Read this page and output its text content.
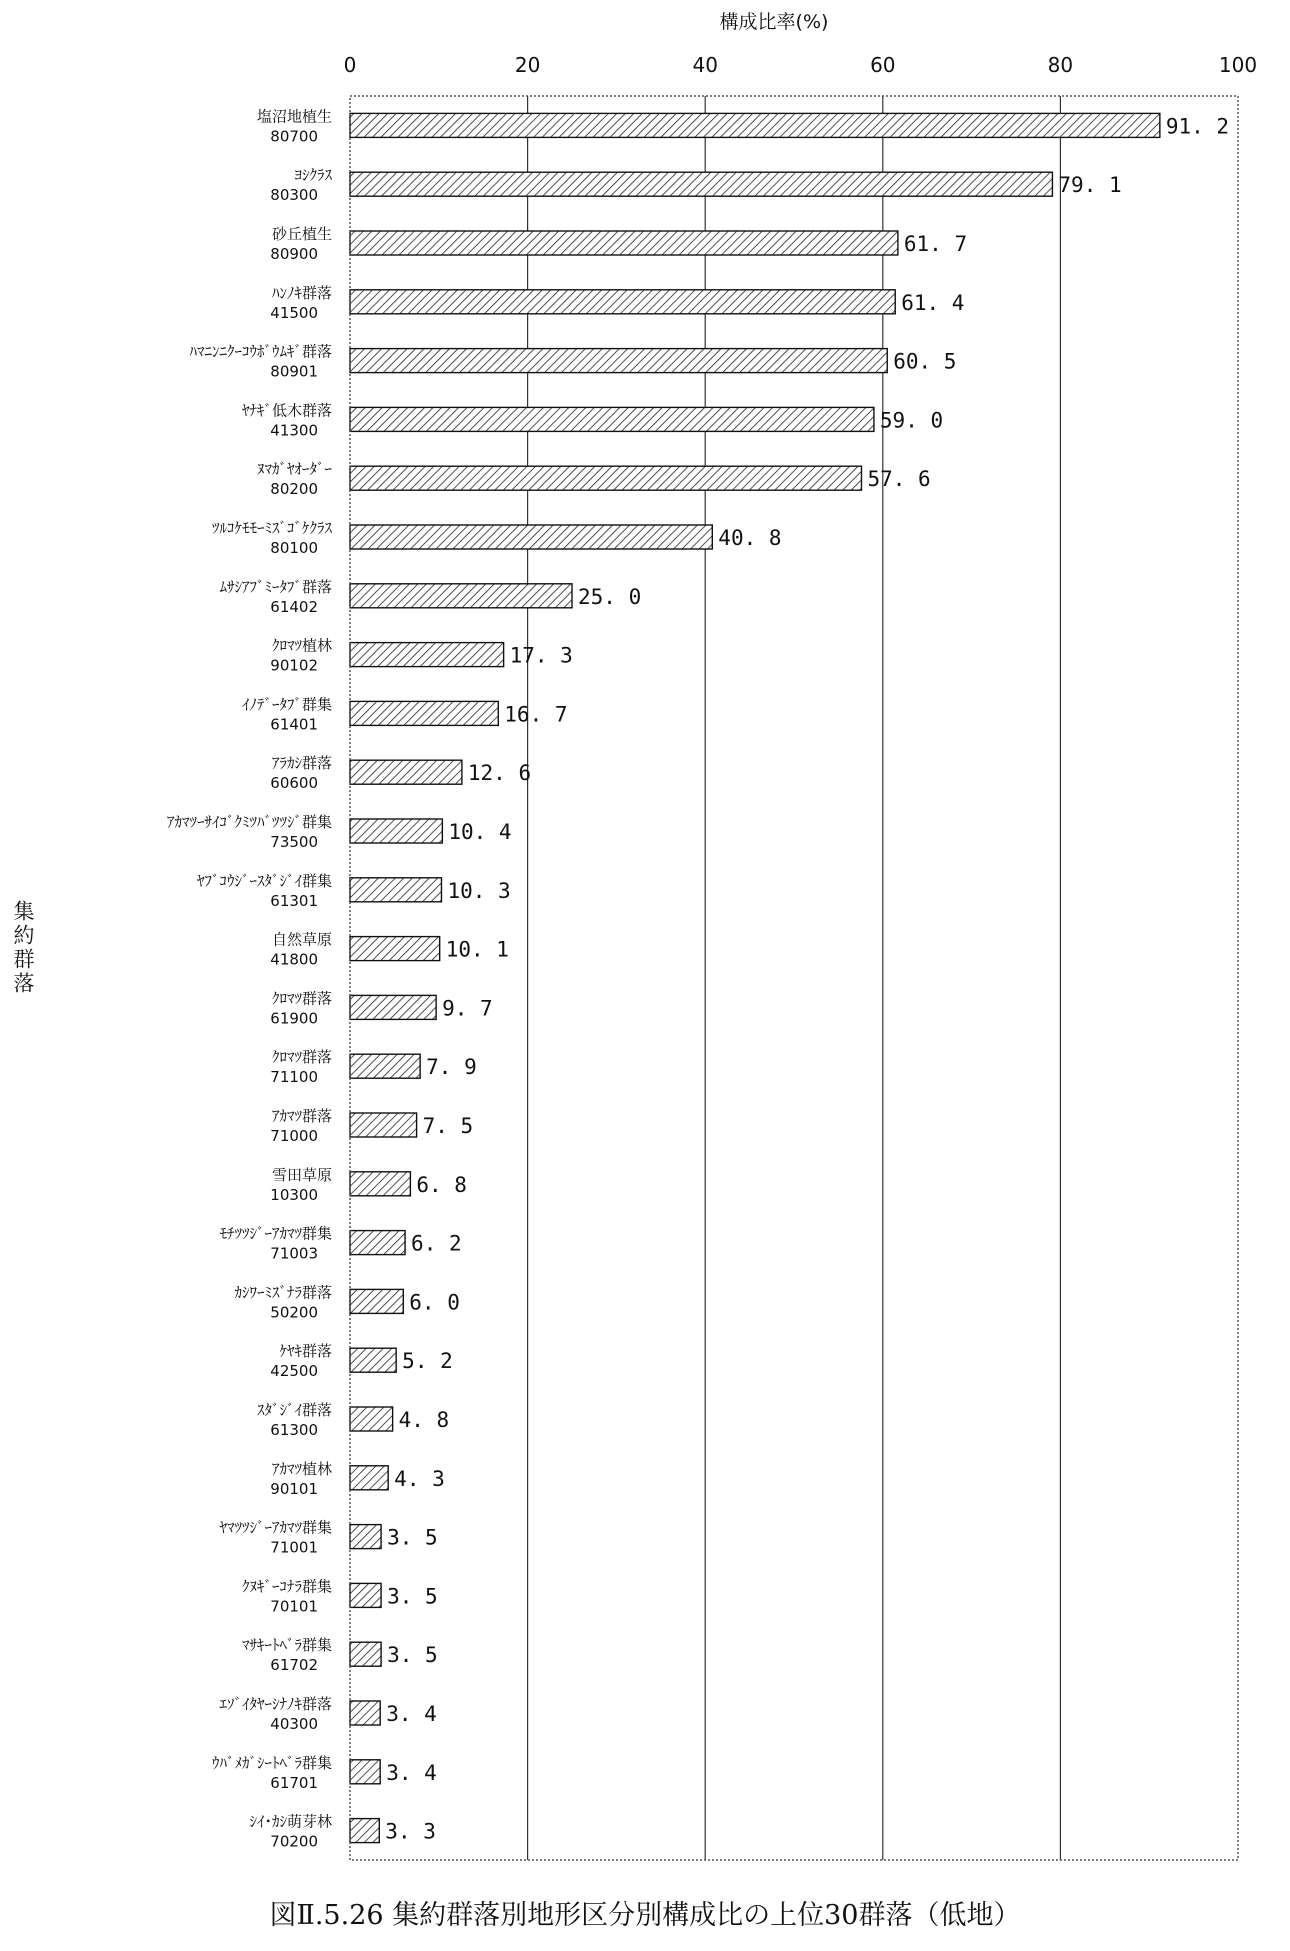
構成比率(%)
0	20	40	60	80	100
91. 2
塩沼地植生
80700
79. 1
ﾖｼｸﾗｽ
80300
61. 7
砂丘植生
80900
61. 4
ﾊﾝﾉｷ群落
41500
60. 5
ﾊﾏﾆﾝﾆｸｰｺｳﾎﾞｳﾑｷﾞ群落
80901
59. 0
ﾔﾅｷﾞ低木群落
41300
57. 6
ﾇﾏｶﾞﾔｵｰﾀﾞｰ
80200
40. 8
ﾂﾙｺｹﾓﾓｰﾐｽﾞｺﾞｹｸﾗｽ
80100
25. 0
ﾑｻｼｱﾌﾞﾐｰﾀﾌﾞ群落
61402
17. 3
ｸﾛﾏﾂ植林
90102
16. 7
ｲﾉﾃﾞｰﾀﾌﾞ群集
61401
12. 6
ｱﾗｶｼ群落
60600
10. 4
ｱｶﾏﾂｰｻｲｺﾞｸﾐﾂﾊﾞﾂﾂｼﾞ群集
73500
10. 3
ﾔﾌﾞｺｳｼﾞｰｽﾀﾞｼﾞｲ群集
61301
10. 1
自然草原
41800
9. 7
ｸﾛﾏﾂ群落
61900
7. 9
ｸﾛﾏﾂ群落
71100
7. 5
ｱｶﾏﾂ群落
71000
6. 8
雪田草原
10300
6. 2
ﾓﾁﾂﾂｼﾞｰｱｶﾏﾂ群集
71003
6. 0
ｶｼﾜｰﾐｽﾞﾅﾗ群落
50200
5. 2
ｹﾔｷ群落
42500
4. 8
ｽﾀﾞｼﾞｲ群落
61300
4. 3
ｱｶﾏﾂ植林
90101
3. 5
ﾔﾏﾂﾂｼﾞｰｱｶﾏﾂ群集
71001
3. 5
ｸﾇｷﾞｰｺﾅﾗ群集
70101
3. 5
ﾏｻｷｰﾄﾍﾞﾗ群集
61702
3. 4
ｴｿﾞｲﾀﾔｰｼﾅﾉｷ群落
40300
3. 4
ｳﾊﾞﾒｶﾞｼｰﾄﾍﾞﾗ群集
61701
3. 3
ｼｲ･ｶｼ萌芽林
70200
集約群落
図Ⅱ.5.26 集約群落別地形区分別構成比の上位30群落（低地）
